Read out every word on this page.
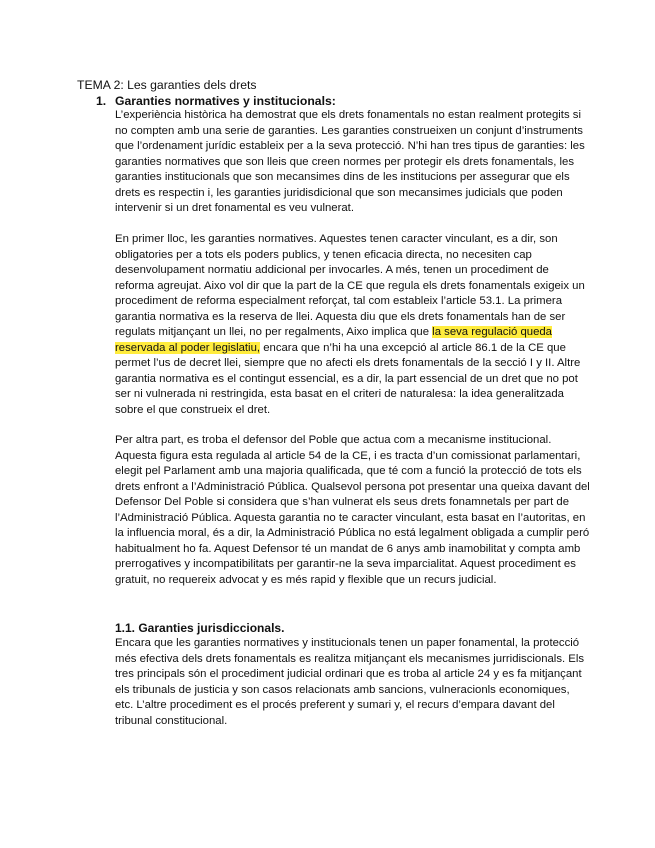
TEMA 2: Les garanties dels drets
1. Garanties normatives y institucionals:

L’experiència històrica ha demostrat que els drets fonamentals no estan realment protegits si no compten amb una serie de garanties. Les garanties construeixen un conjunt d’instruments que l’ordenament jurídic estableix per a la seva protecció. N’hi han tres tipus de garanties: les garanties normatives que son lleis que creen normes per protegir els drets fonamentals, les garanties institucionals que son mecansimes dins de les institucions per assegurar que els drets es respectin i, les garanties juridisdicional que son mecansimes judicials que poden intervenir si un dret fonamental es veu vulnerat.

En primer lloc, les garanties normatives. Aquestes tenen caracter vinculant, es a dir, son obligatories per a tots els poders publics, y tenen eficacia directa, no necesiten cap desenvolupament normatiu addicional per invocarles. A més, tenen un procediment de reforma agreujat. Aixo vol dir que la part de la CE que regula els drets fonamentals exigeix un procediment de reforma especialment reforçat, tal com estableix l’article 53.1. La primera garantia normativa es la reserva de llei. Aquesta diu que els drets fonamentals han de ser regulats mitjançant un llei, no per regalments, Aixo implica que la seva regulació queda reservada al poder legislatiu, encara que n’hi ha una excepció al article 86.1 de la CE que permet l’us de decret llei, siempre que no afecti els drets fonamentals de la secció I y II. Altre garantia normativa es el contingut essencial, es a dir, la part essencial de un dret que no pot ser ni vulnerada ni restringida, esta basat en el criteri de naturalesa: la idea generalitzada sobre el que construeix el dret.

Per altra part, es troba el defensor del Poble que actua com a mecanisme institucional. Aquesta figura esta regulada al article 54 de la CE, i es tracta d’un comissionat parlamentari, elegit pel Parlament amb una majoria qualificada, que té com a funció la protecció de tots els drets enfront a l’Administració Pública. Qualsevol persona pot presentar una queixa davant del Defensor Del Poble si considera que s’han vulnerat els seus drets fonamnetals per part de l’Administració Pública. Aquesta garantia no te caracter vinculant, esta basat en l’autoritas, en la influencia moral, és a dir, la Administració Pública no está legalment obligada a cumplir peró habitualment ho fa. Aquest Defensor té un mandat de 6 anys amb inamobilitat y compta amb prerrogatives y incompatibilitats per garantir-ne la seva imparcialitat. Aquest procediment es gratuit, no requereix advocat y es més rapid y flexible que un recurs judicial.

1.1. Garanties jurisdiccionals.

Encara que les garanties normatives y institucionals tenen un paper fonamental, la protecció més efectiva dels drets fonamentals es realitza mitjançant els mecanismes jurridiscionals. Els tres principals són el procediment judicial ordinari que es troba al article 24 y es fa mitjançant els tribunals de justicia y son casos relacionats amb sancions, vulneracionls economiques, etc. L’altre procediment es el procés preferent y sumari y, el recurs d’empara davant del tribunal constitucional.
